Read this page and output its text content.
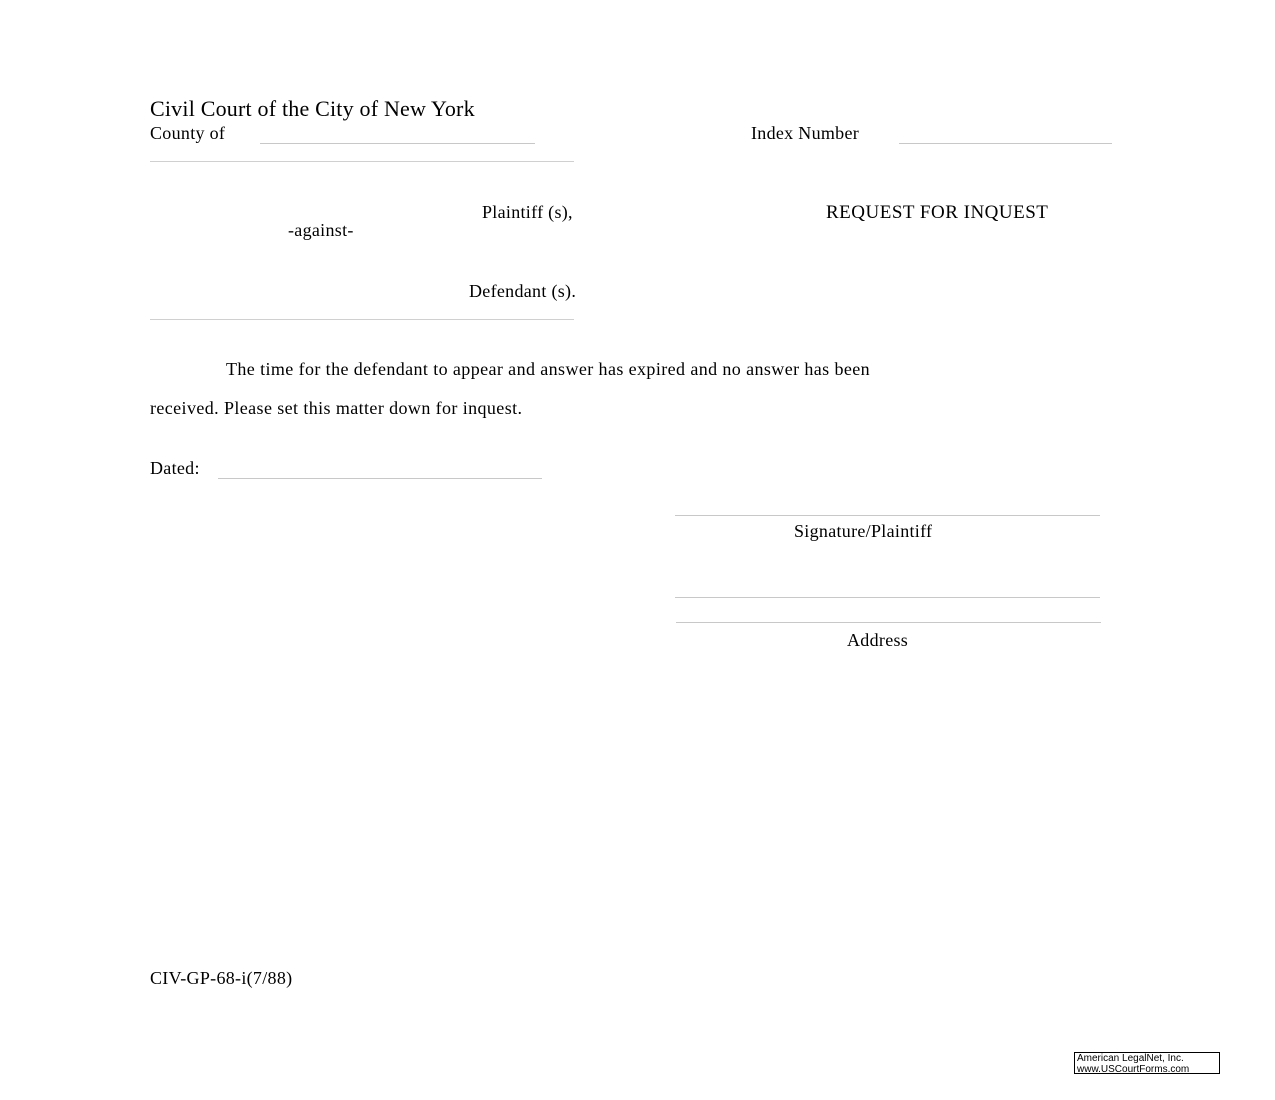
Civil Court of the City of New York
County of	Index Number
Plaintiff (s),
-against-
Defendant (s).
REQUEST FOR INQUEST
The time for the defendant to appear and answer has expired and no answer has been
received. Please set this matter down for inquest.
Dated:
Signature/Plaintiff
Address
CIV-GP-68-i(7/88)
American LegalNet, Inc.
www.USCourtForms.com
